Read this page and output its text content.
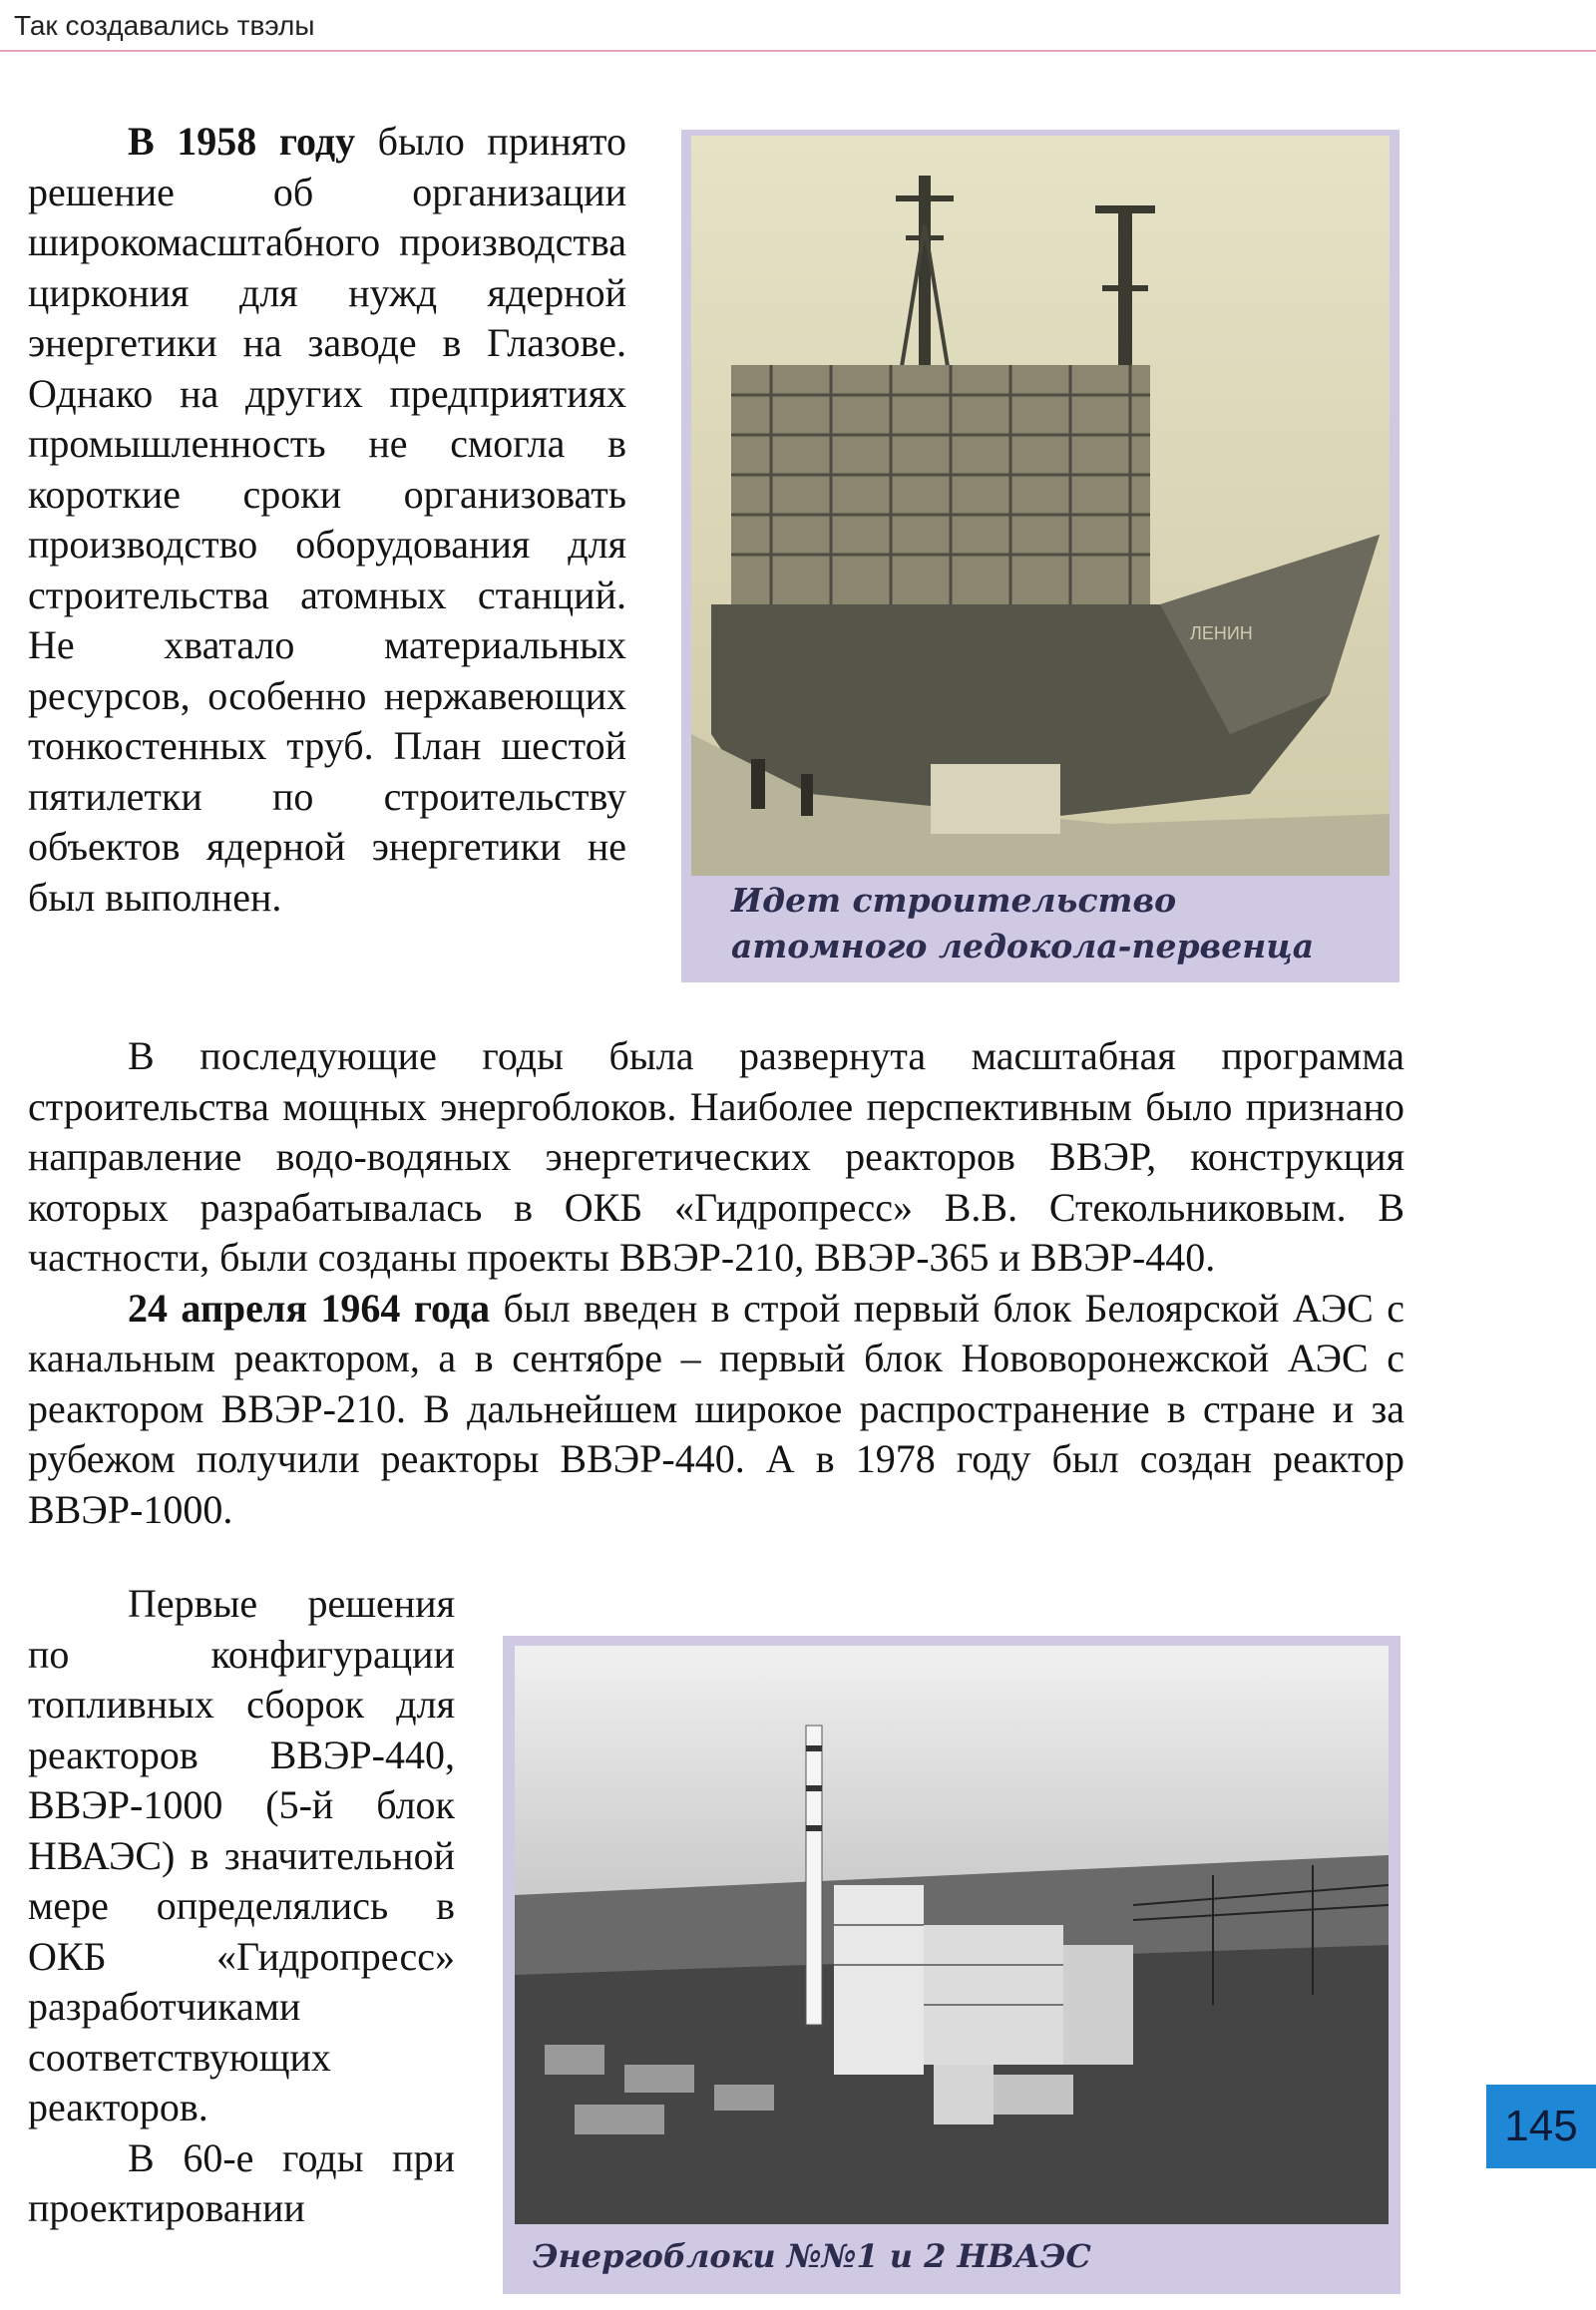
Так создавались твэлы

В 1958 году было принято решение об организации широкомасштабного производства циркония для нужд ядерной энергетики на заводе в Глазове. Однако на других предприятиях промышленность не смогла в короткие сроки организовать производство оборудования для строительства атомных станций. Не хватало материальных ресурсов, особенно нержавеющих тонкостенных труб. План шестой пятилетки по строительству объектов ядерной энергетики не был выполнен.

ЛЕНИН
Идет строительство
атомного ледокола-первенца

В последующие годы была развернута масштабная программа строительства мощных энергоблоков. Наиболее перспективным было признано направление водо-водяных энергетических реакторов ВВЭР, конструкция которых разрабатывалась в ОКБ «Гидропресс» В.В. Стекольниковым. В частности, были созданы проекты ВВЭР-210, ВВЭР-365 и ВВЭР-440.

24 апреля 1964 года был введен в строй первый блок Белоярской АЭС с канальным реактором, а в сентябре – первый блок Нововоронежской АЭС с реактором ВВЭР-210. В дальнейшем широкое распространение в стране и за рубежом получили реакторы ВВЭР-440. А в 1978 году был создан реактор ВВЭР-1000.

Первые решения по конфигурации топливных сборок для реакторов ВВЭР-440, ВВЭР-1000 (5-й блок НВАЭС) в значительной мере определялись в ОКБ «Гидропресс» разработчиками соответствующих реакторов.

В 60-е годы при проектировании

Энергоблоки №№1 и 2 НВАЭС
145
